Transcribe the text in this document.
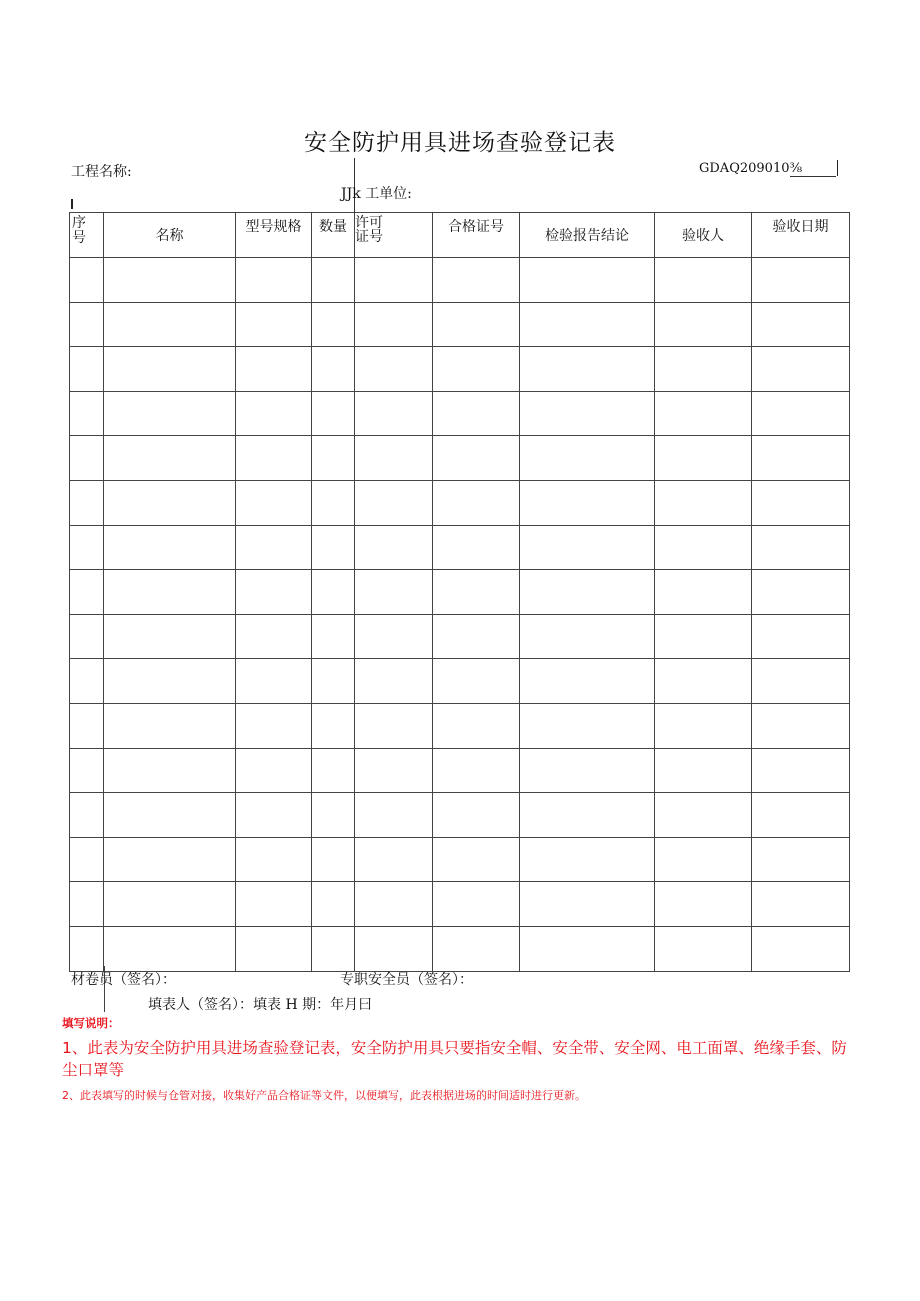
安全防护用具进场查验登记表
工程名称:	GDAQ209010⅜
JJk 工单位:
序号	名称	型号规格	数量	许可证号	合格证号	检验报告结论	验收人	验收日期

材卷员（签名）：	专职安全员（签名）：
填表人（签名）：填表 H 期：年月曰
填写说明：
1、此表为安全防护用具进场查验登记表，安全防护用具只要指安全帽、安全带、安全网、电工面罩、绝缘手套、防尘口罩等
2、此表填写的时候与仓管对接，收集好产品合格证等文件，以便填写，此表根据进场的时间适时进行更新。
